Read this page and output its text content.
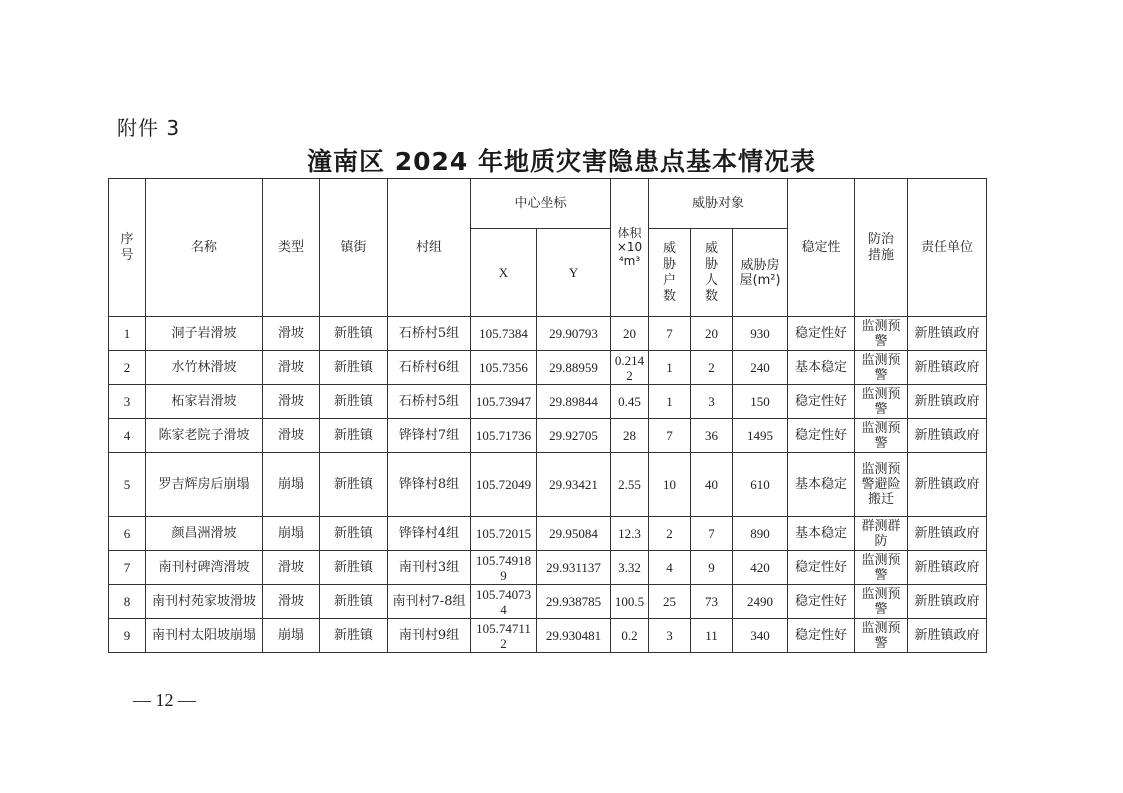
附件 3
潼南区 2024 年地质灾害隐患点基本情况表
序号	名称	类型	镇街	村组	中心坐标		体积×10⁴m³	威胁对象			稳定性	防治措施	责任单位
					X	Y		威胁户数	威胁人数	威胁房屋(m²)			
1	洞子岩滑坡	滑坡	新胜镇	石桥村5组	105.7384	29.90793	20	7	20	930	稳定性好	监测预警	新胜镇政府
2	水竹林滑坡	滑坡	新胜镇	石桥村6组	105.7356	29.88959	0.2142	1	2	240	基本稳定	监测预警	新胜镇政府
3	柘家岩滑坡	滑坡	新胜镇	石桥村5组	105.73947	29.89844	0.45	1	3	150	稳定性好	监测预警	新胜镇政府
4	陈家老院子滑坡	滑坡	新胜镇	铧锋村7组	105.71736	29.92705	28	7	36	1495	稳定性好	监测预警	新胜镇政府
5	罗吉辉房后崩塌	崩塌	新胜镇	铧锋村8组	105.72049	29.93421	2.55	10	40	610	基本稳定	监测预警避险搬迁	新胜镇政府
6	颜昌洲滑坡	崩塌	新胜镇	铧锋村4组	105.72015	29.95084	12.3	2	7	890	基本稳定	群测群防	新胜镇政府
7	南刊村碑湾滑坡	滑坡	新胜镇	南刊村3组	105.749189	29.931137	3.32	4	9	420	稳定性好	监测预警	新胜镇政府
8	南刊村苑家坡滑坡	滑坡	新胜镇	南刊村7-8组	105.740734	29.938785	100.5	25	73	2490	稳定性好	监测预警	新胜镇政府
9	南刊村太阳坡崩塌	崩塌	新胜镇	南刊村9组	105.747112	29.930481	0.2	3	11	340	稳定性好	监测预警	新胜镇政府
— 12 —
